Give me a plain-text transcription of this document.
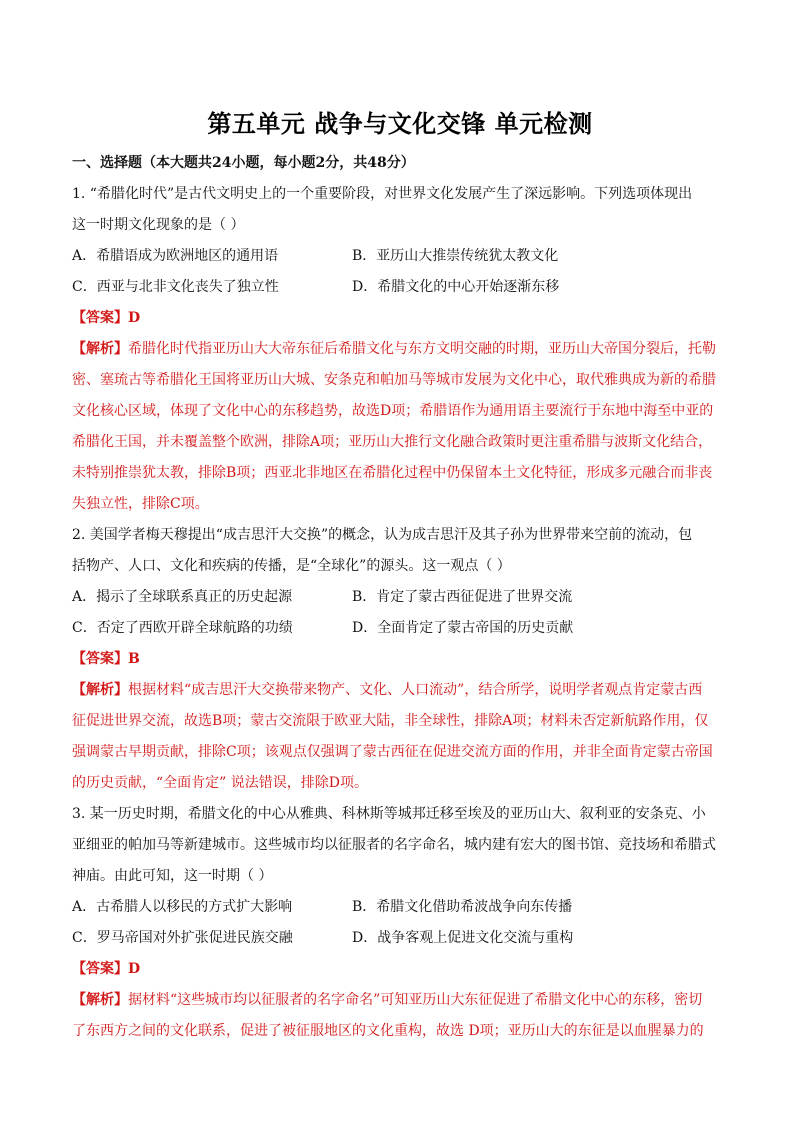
第五单元 战争与文化交锋 单元检测
一、选择题（本大题共24小题，每小题2分，共48分）
1. “希腊化时代”是古代文明史上的一个重要阶段，对世界文化发展产生了深远影响。下列选项体现出
这一时期文化现象的是（ ）
A．希腊语成为欧洲地区的通用语	B．亚历山大推崇传统犹太教文化
C．西亚与北非文化丧失了独立性	D．希腊文化的中心开始逐渐东移
【答案】D
【解析】希腊化时代指亚历山大大帝东征后希腊文化与东方文明交融的时期，亚历山大帝国分裂后，托勒
密、塞琉古等希腊化王国将亚历山大城、安条克和帕加马等城市发展为文化中心，取代雅典成为新的希腊
文化核心区域，体现了文化中心的东移趋势，故选D项；希腊语作为通用语主要流行于东地中海至中亚的
希腊化王国，并未覆盖整个欧洲，排除A项；亚历山大推行文化融合政策时更注重希腊与波斯文化结合，
未特别推崇犹太教，排除B项；西亚北非地区在希腊化过程中仍保留本土文化特征，形成多元融合而非丧
失独立性，排除C项。
2. 美国学者梅天穆提出“成吉思汗大交换”的概念，认为成吉思汗及其子孙为世界带来空前的流动，包
括物产、人口、文化和疾病的传播，是“全球化”的源头。这一观点（ ）
A．揭示了全球联系真正的历史起源	B．肯定了蒙古西征促进了世界交流
C．否定了西欧开辟全球航路的功绩	D．全面肯定了蒙古帝国的历史贡献
【答案】B
【解析】根据材料“成吉思汗大交换带来物产、文化、人口流动”，结合所学，说明学者观点肯定蒙古西
征促进世界交流，故选B项；蒙古交流限于欧亚大陆，非全球性，排除A项；材料未否定新航路作用，仅
强调蒙古早期贡献，排除C项；该观点仅强调了蒙古西征在促进交流方面的作用，并非全面肯定蒙古帝国
的历史贡献，“全面肯定” 说法错误，排除D项。
3. 某一历史时期，希腊文化的中心从雅典、科林斯等城邦迁移至埃及的亚历山大、叙利亚的安条克、小
亚细亚的帕加马等新建城市。这些城市均以征服者的名字命名，城内建有宏大的图书馆、竞技场和希腊式
神庙。由此可知，这一时期（ ）
A．古希腊人以移民的方式扩大影响	B．希腊文化借助希波战争向东传播
C．罗马帝国对外扩张促进民族交融	D．战争客观上促进文化交流与重构
【答案】D
【解析】据材料“这些城市均以征服者的名字命名”可知亚历山大东征促进了希腊文化中心的东移，密切
了东西方之间的文化联系，促进了被征服地区的文化重构，故选 D项；亚历山大的东征是以血腥暴力的
